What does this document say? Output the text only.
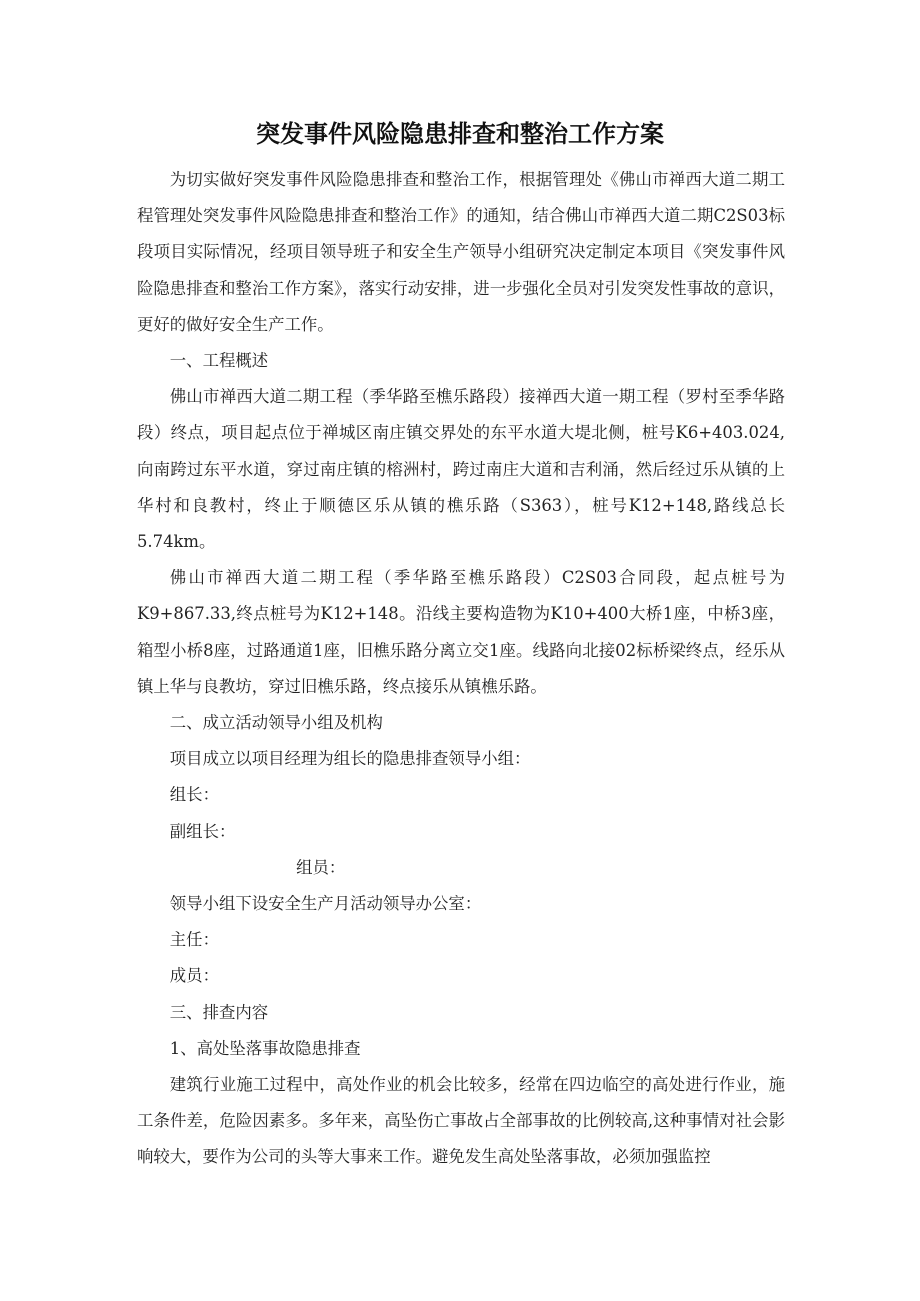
突发事件风险隐患排查和整治工作方案

为切实做好突发事件风险隐患排查和整治工作，根据管理处《佛山市禅西大道二期工程管理处突发事件风险隐患排查和整治工作》的通知，结合佛山市禅西大道二期C2S03标段项目实际情况，经项目领导班子和安全生产领导小组研究决定制定本项目《突发事件风险隐患排查和整治工作方案》，落实行动安排，进一步强化全员对引发突发性事故的意识，更好的做好安全生产工作。

一、工程概述

佛山市禅西大道二期工程（季华路至樵乐路段）接禅西大道一期工程（罗村至季华路段）终点，项目起点位于禅城区南庄镇交界处的东平水道大堤北侧，桩号K6+403.024,向南跨过东平水道，穿过南庄镇的榕洲村，跨过南庄大道和吉利涌，然后经过乐从镇的上华村和良教村，终止于顺德区乐从镇的樵乐路（S363），桩号K12+148,路线总长5.74km。

佛山市禅西大道二期工程（季华路至樵乐路段）C2S03合同段，起点桩号为K9+867.33,终点桩号为K12+148。沿线主要构造物为K10+400大桥1座，中桥3座，箱型小桥8座，过路通道1座，旧樵乐路分离立交1座。线路向北接02标桥梁终点，经乐从镇上华与良教坊，穿过旧樵乐路，终点接乐从镇樵乐路。

二、成立活动领导小组及机构

项目成立以项目经理为组长的隐患排查领导小组：

组长：

副组长：

组员：

领导小组下设安全生产月活动领导办公室：

主任：

成员：

三、排查内容

1、高处坠落事故隐患排查

建筑行业施工过程中，高处作业的机会比较多，经常在四边临空的高处进行作业，施工条件差，危险因素多。多年来，高坠伤亡事故占全部事故的比例较高,这种事情对社会影响较大，要作为公司的头等大事来工作。避免发生高处坠落事故，必须加强监控
